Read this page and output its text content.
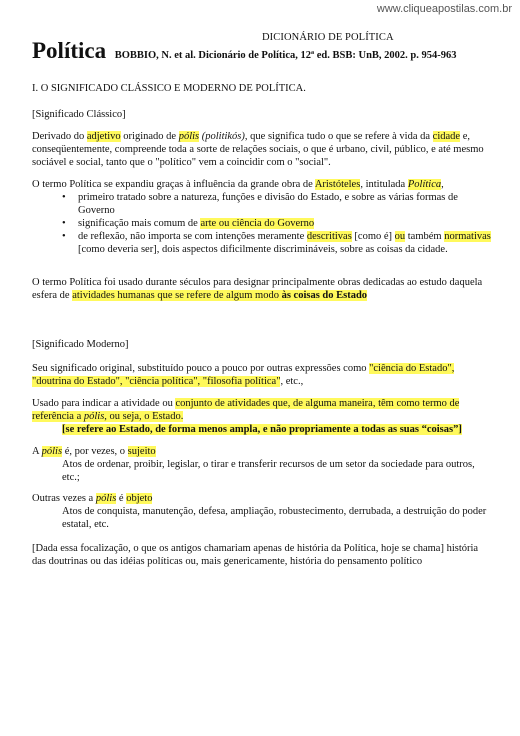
www.cliqueapostilas.com.br
DICIONÁRIO DE POLÍTICA
Política BOBBIO, N. et al. Dicionário de Política, 12ª ed. BSB: UnB, 2002. p. 954-963

I. O SIGNIFICADO CLÁSSICO E MODERNO DE POLÍTICA.

[Significado Clássico]

Derivado do adjetivo originado de pólis (politikós), que significa tudo o que se refere à vida da cidade e, conseqüentemente, compreende toda a sorte de relações sociais, o que é urbano, civil, público, e até mesmo sociável e social, tanto que o "político" vem a coincidir com o "social".

O termo Política se expandiu graças à influência da grande obra de Aristóteles, intitulada Política,

• primeiro tratado sobre a natureza, funções e divisão do Estado, e sobre as várias formas de Governo
• significação mais comum de arte ou ciência do Governo
• de reflexão, não importa se com intenções meramente descritivas [como é] ou também normativas [como deveria ser], dois aspectos dificilmente discrimináveis, sobre as coisas da cidade.

O termo Política foi usado durante séculos para designar principalmente obras dedicadas ao estudo daquela esfera de atividades humanas que se refere de algum modo às coisas do Estado

[Significado Moderno]

Seu significado original, substituído pouco a pouco por outras expressões como "ciência do Estado", "doutrina do Estado", "ciência política", "filosofia política", etc.,

Usado para indicar a atividade ou conjunto de atividades que, de alguma maneira, têm como termo de referência a pólis, ou seja, o Estado.

[se refere ao Estado, de forma menos ampla, e não propriamente a todas as suas “coisas”]

A pólis é, por vezes, o sujeito

Atos de ordenar, proibir, legislar, o tirar e transferir recursos de um setor da sociedade para outros, etc.;

Outras vezes a pólis é objeto

Atos de conquista, manutenção, defesa, ampliação, robustecimento, derrubada, a destruição do poder estatal, etc.

[Dada essa focalização, o que os antigos chamariam apenas de história da Política, hoje se chama] história das doutrinas ou das idéias políticas ou, mais genericamente, história do pensamento político
